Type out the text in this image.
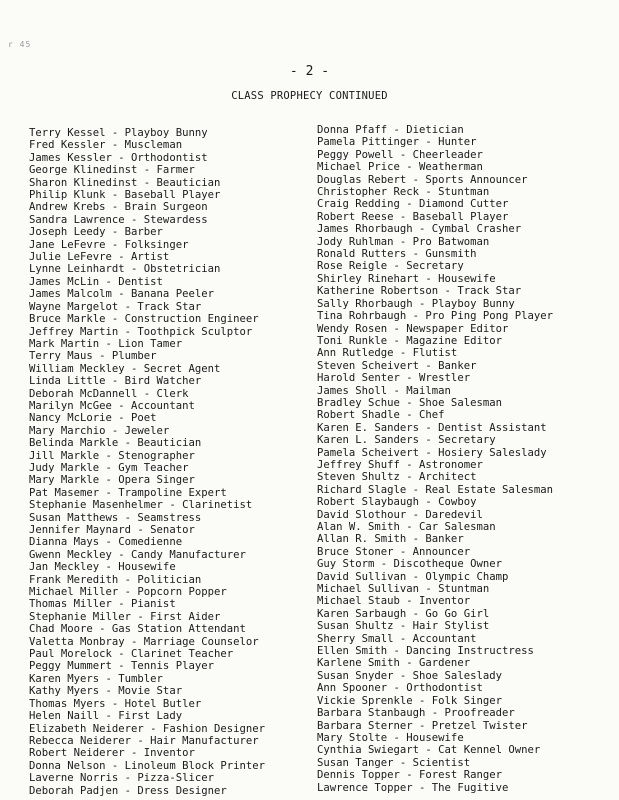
r 45
- 2 -
CLASS PROPHECY CONTINUED
Terry Kessel - Playboy Bunny
Fred Kessler - Muscleman
James Kessler - Orthodontist
George Klinedinst - Farmer
Sharon Klinedinst - Beautician
Philip Klunk - Baseball Player
Andrew Krebs - Brain Surgeon
Sandra Lawrence - Stewardess
Joseph Leedy - Barber
Jane LeFevre - Folksinger
Julie LeFevre - Artist
Lynne Leinhardt - Obstetrician
James McLin - Dentist
James Malcolm - Banana Peeler
Wayne Margelot - Track Star
Bruce Markle - Construction Engineer
Jeffrey Martin - Toothpick Sculptor
Mark Martin - Lion Tamer
Terry Maus - Plumber
William Meckley - Secret Agent
Linda Little - Bird Watcher
Deborah McDannell - Clerk
Marilyn McGee - Accountant
Nancy McLorie - Poet
Mary Marchio - Jeweler
Belinda Markle - Beautician
Jill Markle - Stenographer
Judy Markle - Gym Teacher
Mary Markle - Opera Singer
Pat Masemer - Trampoline Expert
Stephanie Masenhelmer - Clarinetist
Susan Matthews - Seamstress
Jennifer Maynard - Senator
Dianna Mays - Comedienne
Gwenn Meckley - Candy Manufacturer
Jan Meckley - Housewife
Frank Meredith - Politician
Michael Miller - Popcorn Popper
Thomas Miller - Pianist
Stephanie Miller - First Aider
Chad Moore - Gas Station Attendant
Valetta Monbray - Marriage Counselor
Paul Morelock - Clarinet Teacher
Peggy Mummert - Tennis Player
Karen Myers - Tumbler
Kathy Myers - Movie Star
Thomas Myers - Hotel Butler
Helen Naill - First Lady
Elizabeth Neiderer - Fashion Designer
Rebecca Neiderer - Hair Manufacturer
Robert Neiderer - Inventor
Donna Nelson - Linoleum Block Printer
Laverne Norris - Pizza-Slicer
Deborah Padjen - Dress Designer
Donna Pfaff - Dietician
Pamela Pittinger - Hunter
Peggy Powell - Cheerleader
Michael Price - Weatherman
Douglas Rebert - Sports Announcer
Christopher Reck - Stuntman
Craig Redding - Diamond Cutter
Robert Reese - Baseball Player
James Rhorbaugh - Cymbal Crasher
Jody Ruhlman - Pro Batwoman
Ronald Rutters - Gunsmith
Rose Reigle - Secretary
Shirley Rinehart - Housewife
Katherine Robertson - Track Star
Sally Rhorbaugh - Playboy Bunny
Tina Rohrbaugh - Pro Ping Pong Player
Wendy Rosen - Newspaper Editor
Toni Runkle - Magazine Editor
Ann Rutledge - Flutist
Steven Scheivert - Banker
Harold Senter - Wrestler
James Sholl - Mailman
Bradley Schue - Shoe Salesman
Robert Shadle - Chef
Karen E. Sanders - Dentist Assistant
Karen L. Sanders - Secretary
Pamela Scheivert - Hosiery Saleslady
Jeffrey Shuff - Astronomer
Steven Shultz - Architect
Richard Slagle - Real Estate Salesman
Robert Slaybaugh - Cowboy
David Slothour - Daredevil
Alan W. Smith - Car Salesman
Allan R. Smith - Banker
Bruce Stoner - Announcer
Guy Storm - Discotheque Owner
David Sullivan - Olympic Champ
Michael Sullivan - Stuntman
Michael Staub - Inventor
Karen Sarbaugh - Go Go Girl
Susan Shultz - Hair Stylist
Sherry Small - Accountant
Ellen Smith - Dancing Instructress
Karlene Smith - Gardener
Susan Snyder - Shoe Saleslady
Ann Spooner - Orthodontist
Vickie Sprenkle - Folk Singer
Barbara Stanbaugh - Proofreader
Barbara Sterner - Pretzel Twister
Mary Stolte - Housewife
Cynthia Swiegart - Cat Kennel Owner
Susan Tanger - Scientist
Dennis Topper - Forest Ranger
Lawrence Topper - The Fugitive
